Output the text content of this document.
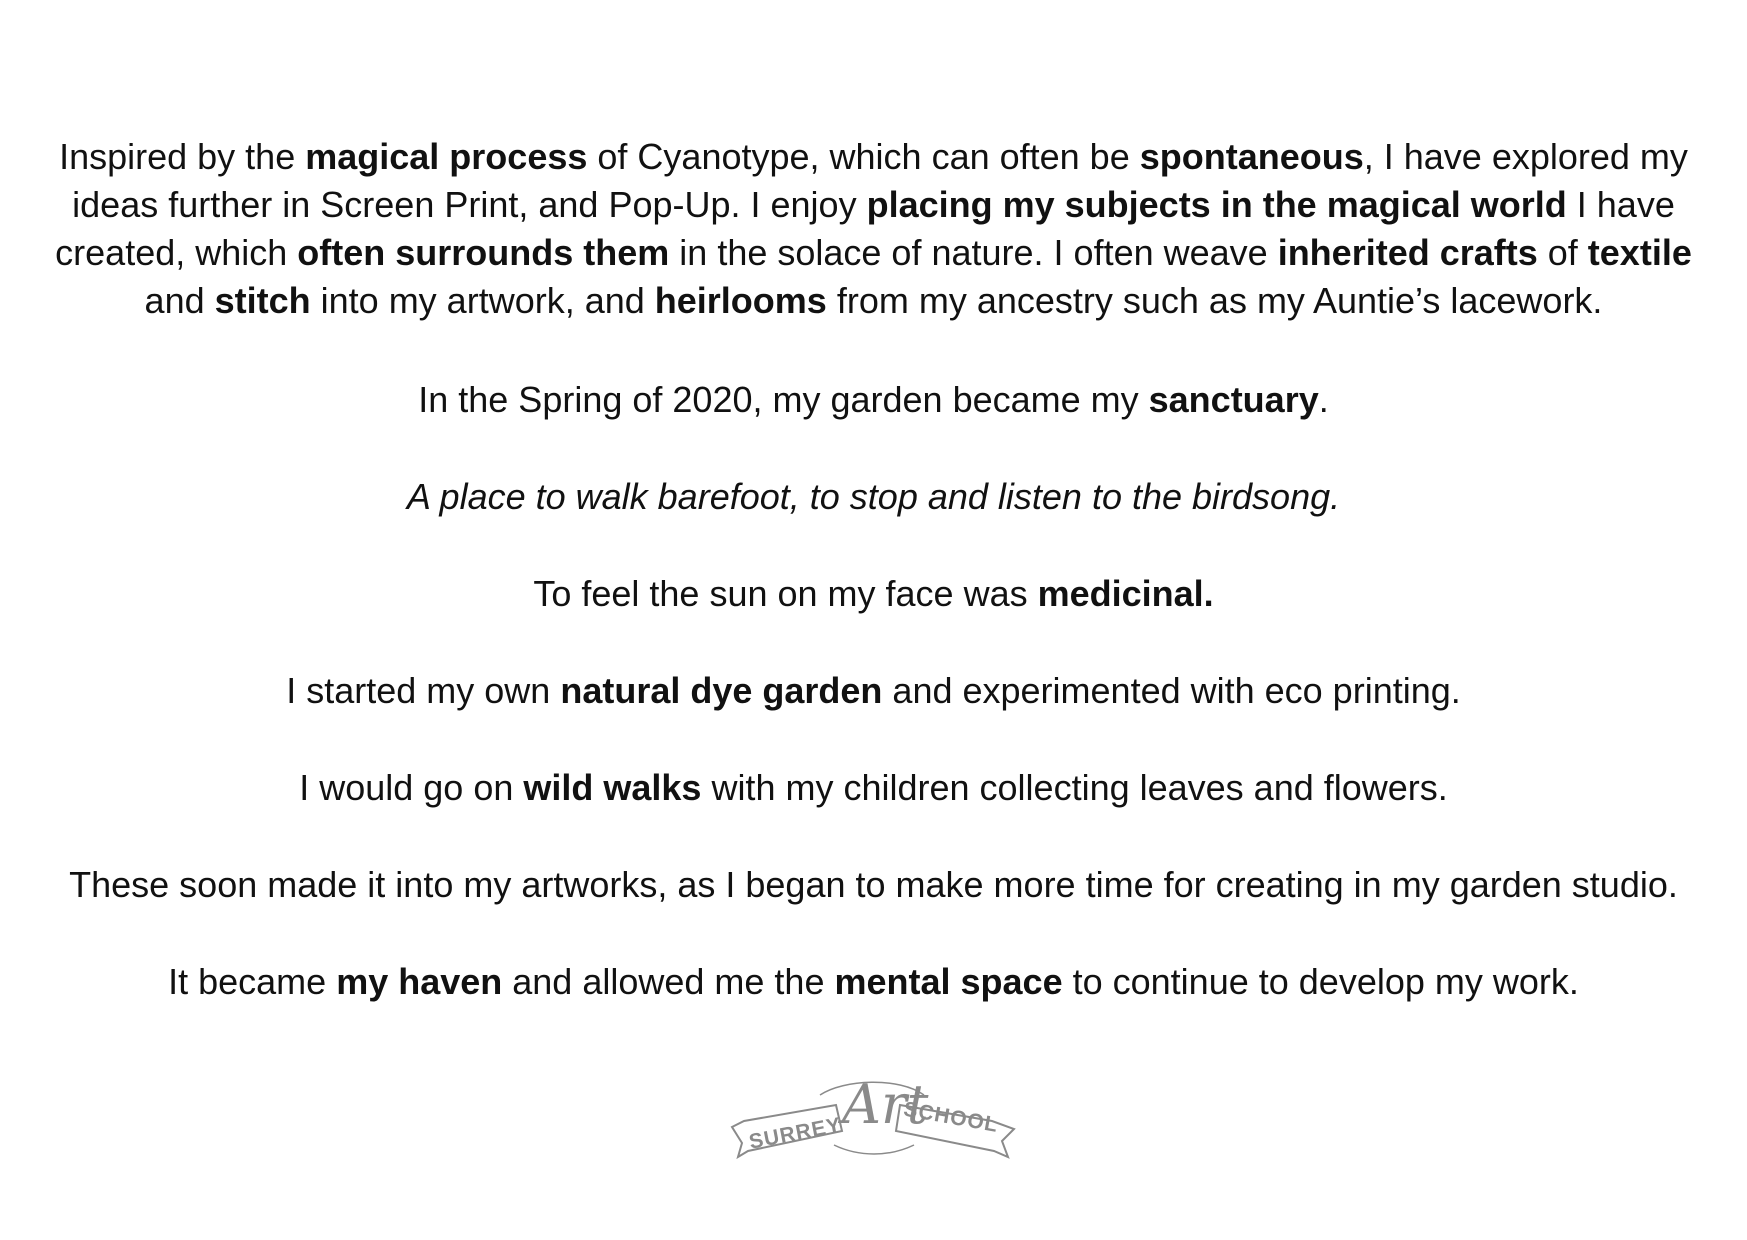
Inspired by the magical process of Cyanotype, which can often be spontaneous, I have explored my ideas further in Screen Print, and Pop-Up. I enjoy placing my subjects in the magical world I have created, which often surrounds them in the solace of nature. I often weave inherited crafts of textile and stitch into my artwork, and heirlooms from my ancestry such as my Auntie’s lacework.

In the Spring of 2020, my garden became my sanctuary.

A place to walk barefoot, to stop and listen to the birdsong.

To feel the sun on my face was medicinal.

I started my own natural dye garden and experimented with eco printing.

I would go on wild walks with my children collecting leaves and flowers.

These soon made it into my artworks, as I began to make more time for creating in my garden studio.

It became my haven and allowed me the mental space to continue to develop my work.

SURREY	SCHOOL
Art
